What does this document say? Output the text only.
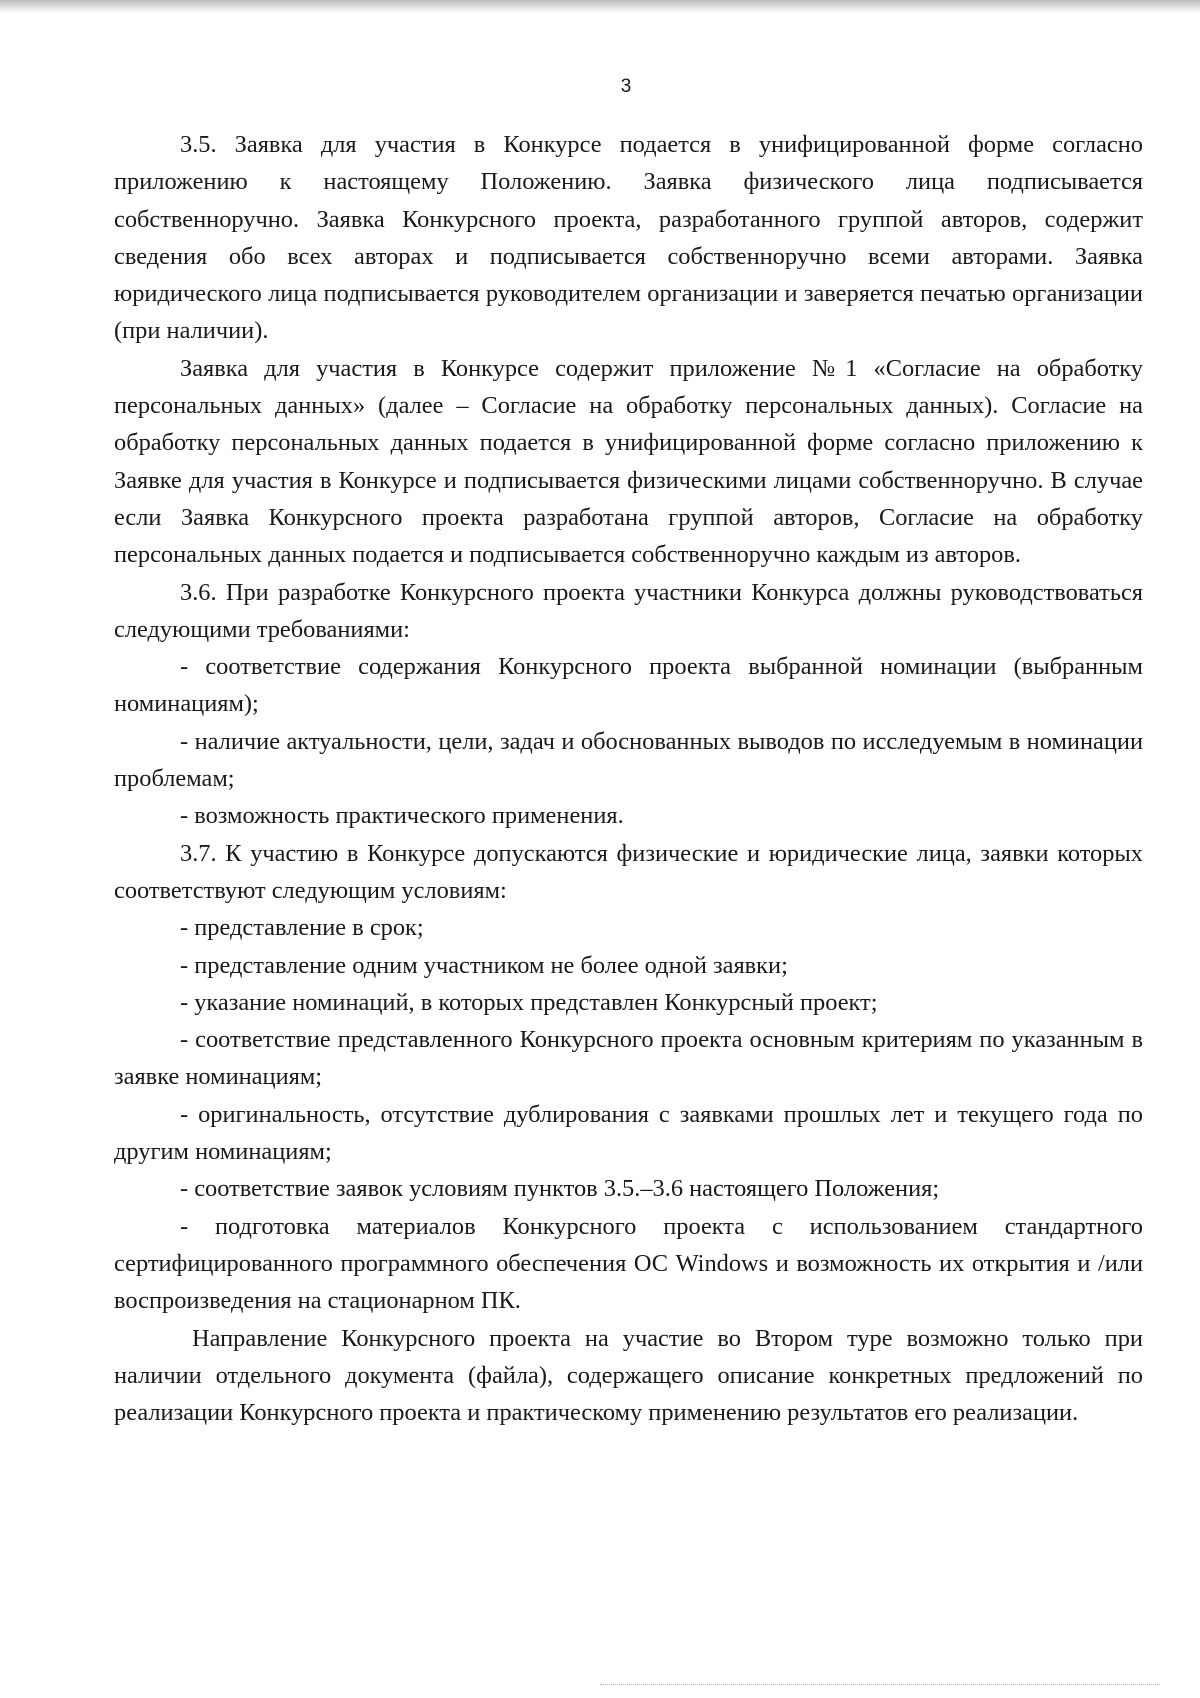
3

3.5. Заявка для участия в Конкурсе подается в унифицированной форме согласно приложению к настоящему Положению. Заявка физического лица подписывается собственноручно. Заявка Конкурсного проекта, разработанного группой авторов, содержит сведения обо всех авторах и подписывается собственноручно всеми авторами. Заявка юридического лица подписывается руководителем организации и заверяется печатью организации (при наличии).

Заявка для участия в Конкурсе содержит приложение №1 «Согласие на обработку персональных данных» (далее – Согласие на обработку персональных данных). Согласие на обработку персональных данных подается в унифицированной форме согласно приложению к Заявке для участия в Конкурсе и подписывается физическими лицами собственноручно. В случае если Заявка Конкурсного проекта разработана группой авторов, Согласие на обработку персональных данных подается и подписывается собственноручно каждым из авторов.

3.6. При разработке Конкурсного проекта участники Конкурса должны руководствоваться следующими требованиями:

- соответствие содержания Конкурсного проекта выбранной номинации (выбранным номинациям);

- наличие актуальности, цели, задач и обоснованных выводов по исследуемым в номинации проблемам;

- возможность практического применения.

3.7. К участию в Конкурсе допускаются физические и юридические лица, заявки которых соответствуют следующим условиям:

- представление в срок;

- представление одним участником не более одной заявки;

- указание номинаций, в которых представлен Конкурсный проект;

- соответствие представленного Конкурсного проекта основным критериям по указанным в заявке номинациям;

- оригинальность, отсутствие дублирования с заявками прошлых лет и текущего года по другим номинациям;

- соответствие заявок условиям пунктов 3.5.–3.6 настоящего Положения;

- подготовка материалов Конкурсного проекта с использованием стандартного сертифицированного программного обеспечения ОС Windows и возможность их открытия и /или воспроизведения на стационарном ПК.

Направление Конкурсного проекта на участие во Втором туре возможно только при наличии отдельного документа (файла), содержащего описание конкретных предложений по реализации Конкурсного проекта и практическому применению результатов его реализации.
